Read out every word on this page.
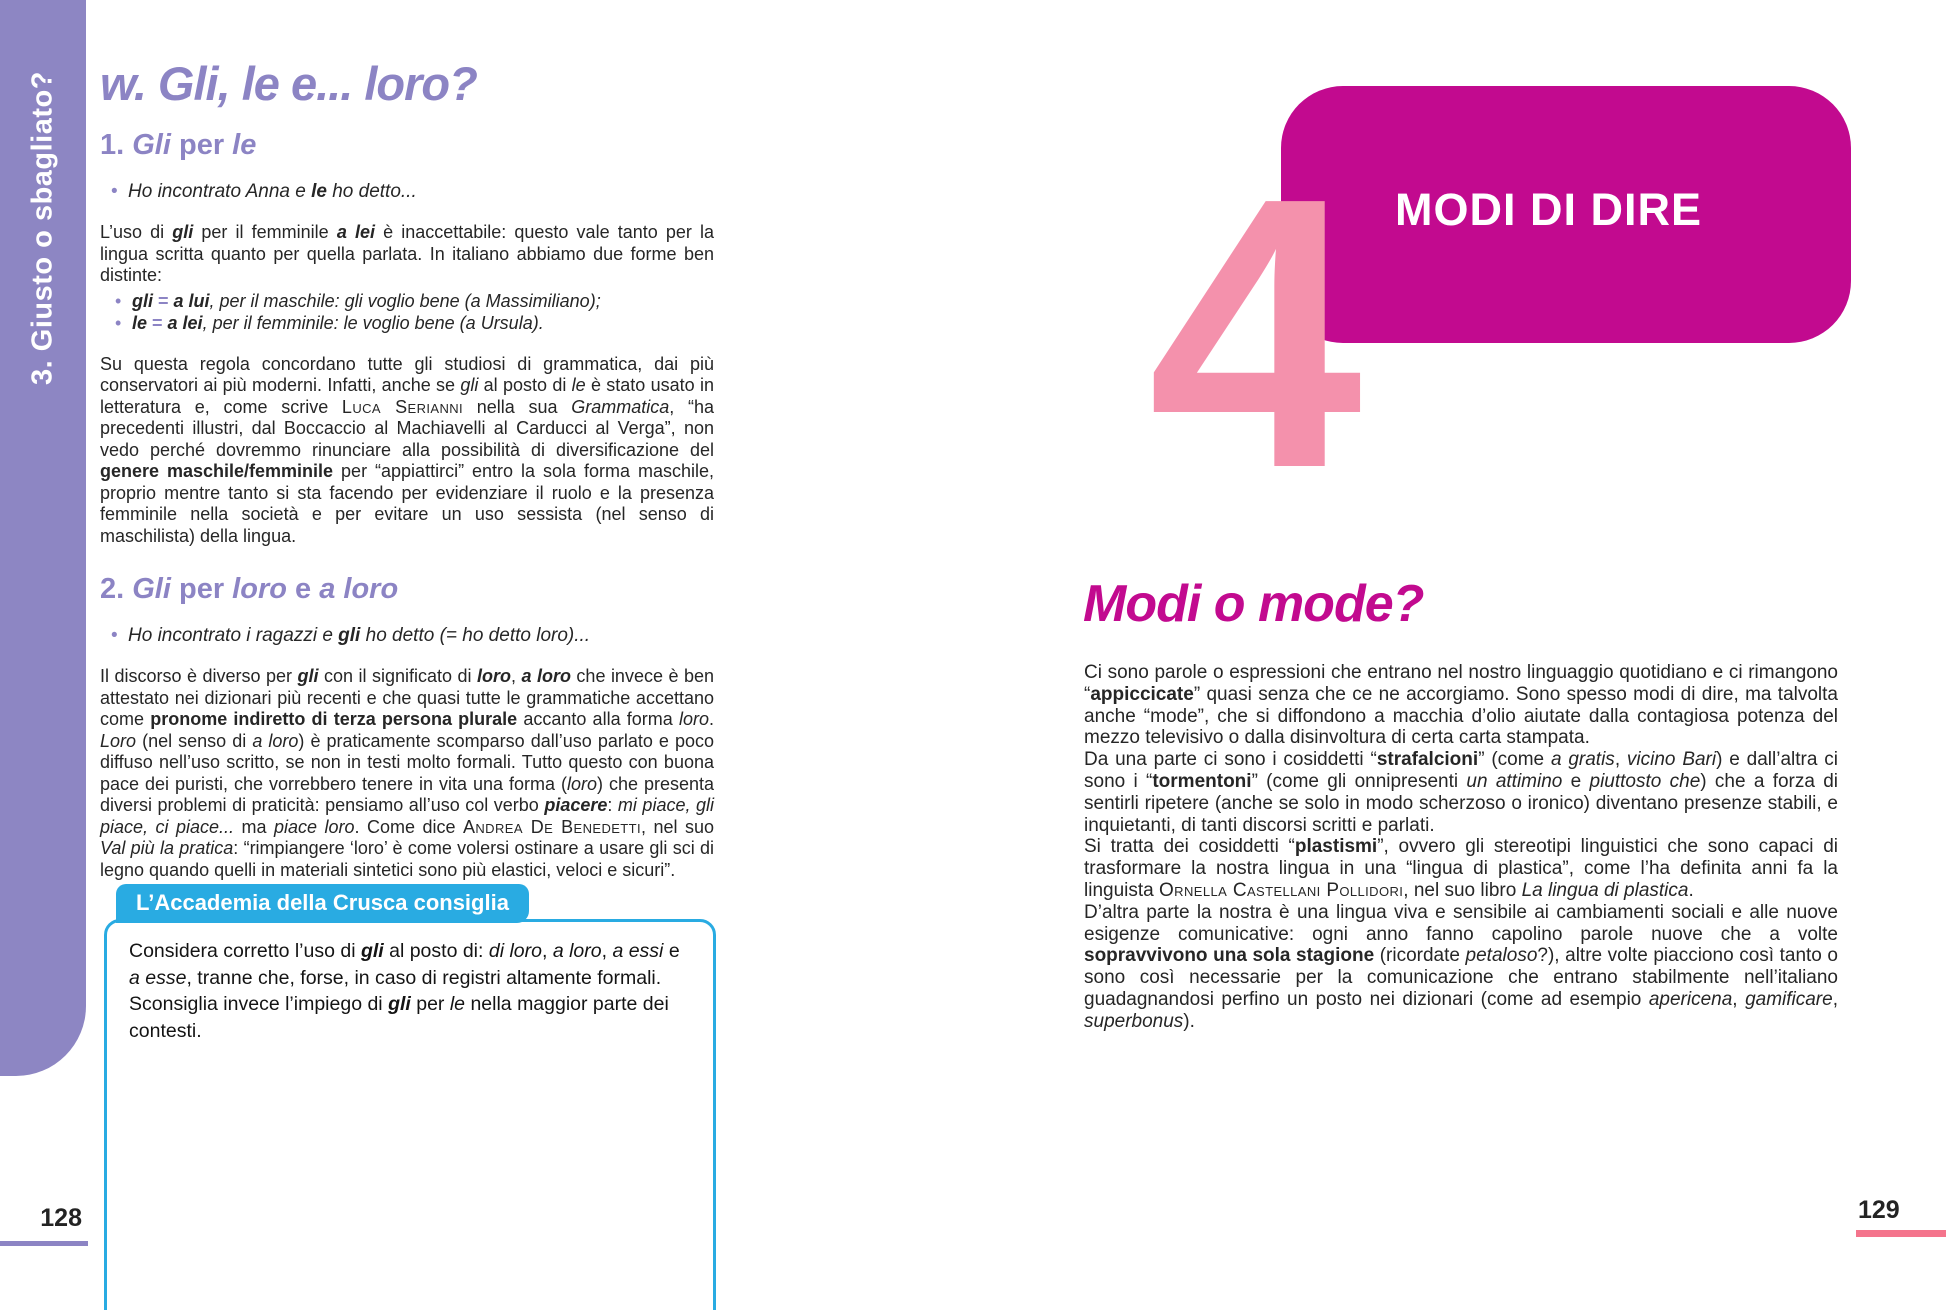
3. Giusto o sbagliato? w. Gli, le e... loro?
1. Gli per le
• Ho incontrato Anna e le ho detto...

L’uso di gli per il femminile a lei è inaccettabile: questo vale tanto per la lingua scritta quanto per quella parlata. In italiano abbiamo due forme ben distinte:

• gli = a lui, per il maschile: gli voglio bene (a Massimiliano);
• le = a lei, per il femminile: le voglio bene (a Ursula).

Su questa regola concordano tutte gli studiosi di grammatica, dai più conservatori ai più moderni. Infatti, anche se gli al posto di le è stato usato in letteratura e, come scrive Luca Serianni nella sua Grammatica, “ha precedenti illustri, dal Boccaccio al Machiavelli al Carducci al Verga”, non vedo perché dovremmo rinunciare alla possibilità di diversificazione del genere maschile/femminile per “appiattirci” entro la sola forma maschile, proprio mentre tanto si sta facendo per evidenziare il ruolo e la presenza femminile nella società e per evitare un uso sessista (nel senso di maschilista) della lingua.

2. Gli per loro e a loro
• Ho incontrato i ragazzi e gli ho detto (= ho detto loro)...

Il discorso è diverso per gli con il significato di loro, a loro che invece è ben attestato nei dizionari più recenti e che quasi tutte le grammatiche accettano come pronome indiretto di terza persona plurale accanto alla forma loro. Loro (nel senso di a loro) è praticamente scomparso dall’uso parlato e poco diffuso nell’uso scritto, se non in testi molto formali. Tutto questo con buona pace dei puristi, che vorrebbero tenere in vita una forma (loro) che presenta diversi problemi di praticità: pensiamo all’uso col verbo piacere: mi piace, gli piace, ci piace... ma piace loro. Come dice Andrea De Benedetti, nel suo Val più la pratica: “rimpiangere ‘loro’ è come volersi ostinare a usare gli sci di legno quando quelli in materiali sintetici sono più elastici, veloci e sicuri”.

L’Accademia della Crusca consiglia

Considera corretto l’uso di gli al posto di: di loro, a loro, a essi e a esse, tranne che, forse, in caso di registri altamente formali.

Sconsiglia invece l’impiego di gli per le nella maggior parte dei contesti.

128
MODI DI DIRE
4
Modi o mode?

Ci sono parole o espressioni che entrano nel nostro linguaggio quotidiano e ci rimangono “appiccicate” quasi senza che ce ne accorgiamo. Sono spesso modi di dire, ma talvolta anche “mode”, che si diffondono a macchia d’olio aiutate dalla contagiosa potenza del mezzo televisivo o dalla disinvoltura di certa carta stampata.

Da una parte ci sono i cosiddetti “strafalcioni” (come a gratis, vicino Bari) e dall’altra ci sono i “tormentoni” (come gli onnipresenti un attimino e piuttosto che) che a forza di sentirli ripetere (anche se solo in modo scherzoso o ironico) diventano presenze stabili, e inquietanti, di tanti discorsi scritti e parlati.

Si tratta dei cosiddetti “plastismi”, ovvero gli stereotipi linguistici che sono capaci di trasformare la nostra lingua in una “lingua di plastica”, come l’ha definita anni fa la linguista Ornella Castellani Pollidori, nel suo libro La lingua di plastica.

D’altra parte la nostra è una lingua viva e sensibile ai cambiamenti sociali e alle nuove esigenze comunicative: ogni anno fanno capolino parole nuove che a volte sopravvivono una sola stagione (ricordate petaloso?), altre volte piacciono così tanto o sono così necessarie per la comunicazione che entrano stabilmente nell’italiano guadagnandosi perfino un posto nei dizionari (come ad esempio apericena, gamificare, superbonus).

129
